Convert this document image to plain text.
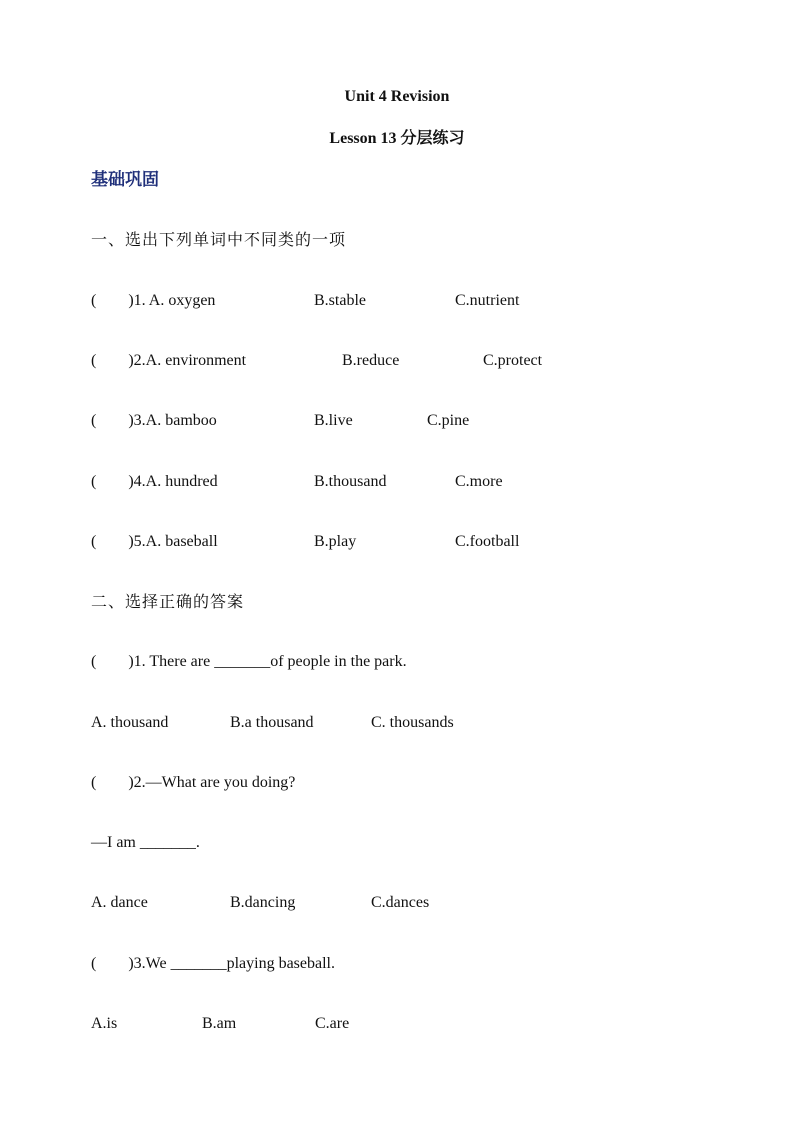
Unit 4 Revision
Lesson 13 分层练习
基础巩固
一、选出下列单词中不同类的一项
(        )1. A. oxygen	B.stable	C.nutrient
(        )2.A. environment	B.reduce	C.protect
(        )3.A. bamboo	B.live	C.pine
(        )4.A. hundred	B.thousand	C.more
(        )5.A. baseball	B.play	C.football
二、选择正确的答案
(        )1. There are _______of people in the park.
A. thousand	B.a thousand	C. thousands
(        )2.—What are you doing?
—I am _______.
A. dance	B.dancing	C.dances
(        )3.We _______playing baseball.
A.is	B.am	C.are
